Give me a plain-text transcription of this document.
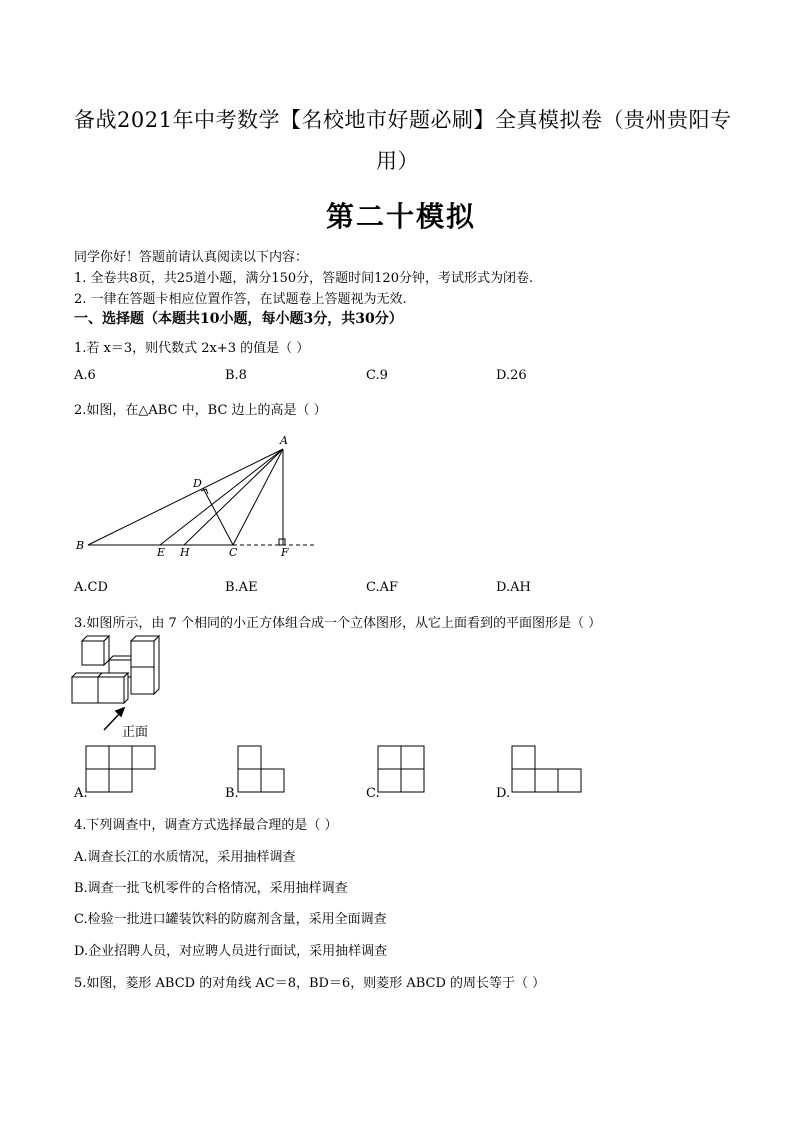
备战2021年中考数学【名校地市好题必刷】全真模拟卷（贵州贵阳专
用）
第二十模拟
同学你好！答题前请认真阅读以下内容：
1. 全卷共8页，共25道小题，满分150分，答题时间120分钟，考试形式为闭卷.
2. 一律在答题卡相应位置作答，在试题卷上答题视为无效.
一、选择题（本题共10小题，每小题3分，共30分）
1.若 x＝3，则代数式 2x+3 的值是（ ）
A.6	B.8	C.9	D.26
2.如图，在△ABC 中，BC 边上的高是（ ）
A
B
C
D
E H	F
A.CD	B.AE	C.AF	D.AH
3.如图所示，由 7 个相同的小正方体组合成一个立体图形，从它上面看到的平面图形是（ ）
正面
A.	B.	C.	D.
4.下列调查中，调查方式选择最合理的是（ ）
A.调查长江的水质情况，采用抽样调查
B.调查一批飞机零件的合格情况，采用抽样调查
C.检验一批进口罐装饮料的防腐剂含量，采用全面调查
D.企业招聘人员，对应聘人员进行面试，采用抽样调查
5.如图，菱形 ABCD 的对角线 AC＝8，BD＝6，则菱形 ABCD 的周长等于（ ）
